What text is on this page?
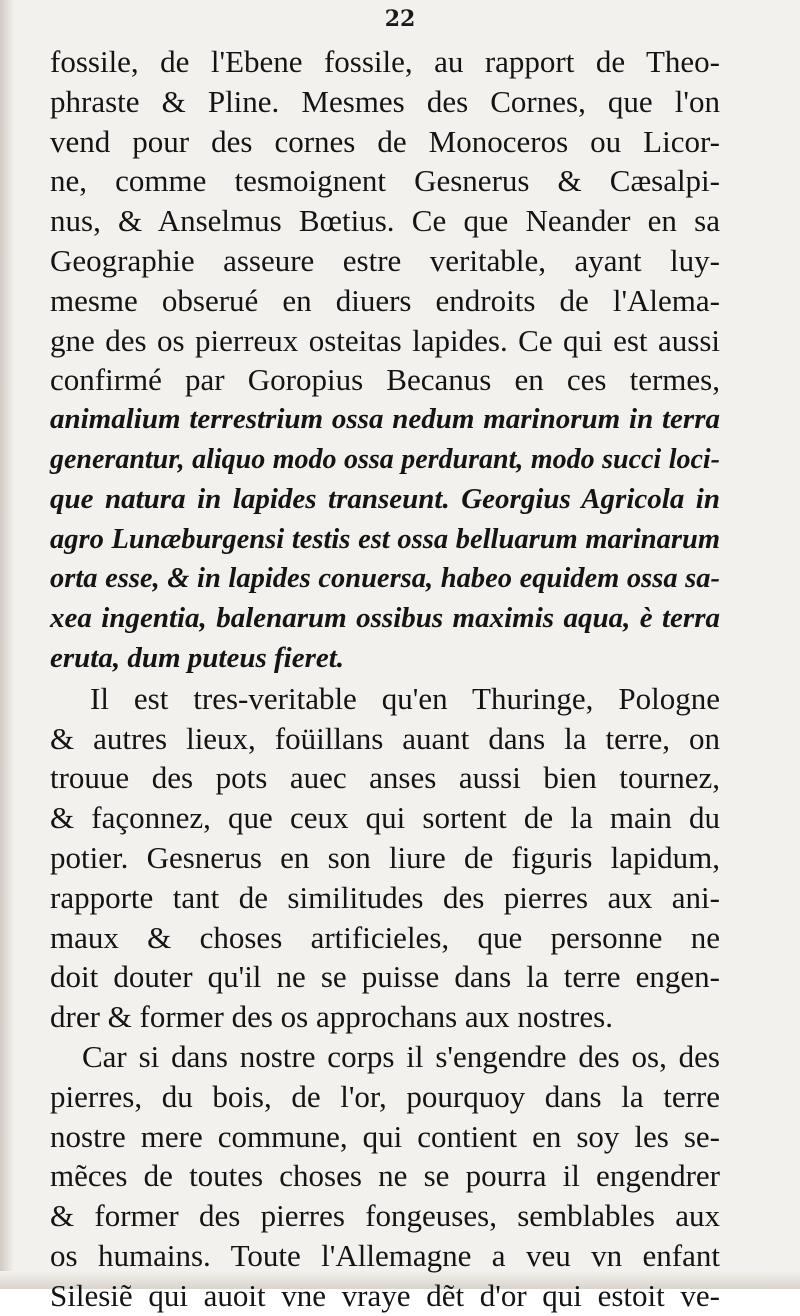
22
fossile, de l'Ebene fossile, au rapport de Theo-
phraste & Pline. Mesmes des Cornes, que l'on
vend pour des cornes de Monoceros ou Licor-
ne, comme tesmoignent Gesnerus & Cæsalpi-
nus, & Anselmus Bœtius. Ce que Neander en sa
Geographie asseure estre veritable, ayant luy-
mesme obserué en diuers endroits de l'Alema-
gne des os pierreux osteitas lapides. Ce qui est aussi
confirmé par Goropius Becanus en ces termes,
animalium terrestrium ossa nedum marinorum in terra
generantur, aliquo modo ossa perdurant, modo succi loci-
que natura in lapides transeunt. Georgius Agricola in
agro Lunæburgensi testis est ossa belluarum marinarum
orta esse, & in lapides conuersa, habeo equidem ossa sa-
xea ingentia, balenarum ossibus maximis aqua, è terra
eruta, dum puteus fieret.
Il est tres-veritable qu'en Thuringe, Pologne
& autres lieux, foüillans auant dans la terre, on
trouue des pots auec anses aussi bien tournez,
& façonnez, que ceux qui sortent de la main du
potier. Gesnerus en son liure de figuris lapidum,
rapporte tant de similitudes des pierres aux ani-
maux & choses artificieles, que personne ne
doit douter qu'il ne se puisse dans la terre engen-
drer & former des os approchans aux nostres.
Car si dans nostre corps il s'engendre des os, des
pierres, du bois, de l'or, pourquoy dans la terre
nostre mere commune, qui contient en soy les se-
mẽces de toutes choses ne se pourra il engendrer
& former des pierres fongeuses, semblables aux
os humains. Toute l'Allemagne a veu vn enfant
Silesiẽ qui auoit vne vraye dẽt d'or qui estoit ve-
